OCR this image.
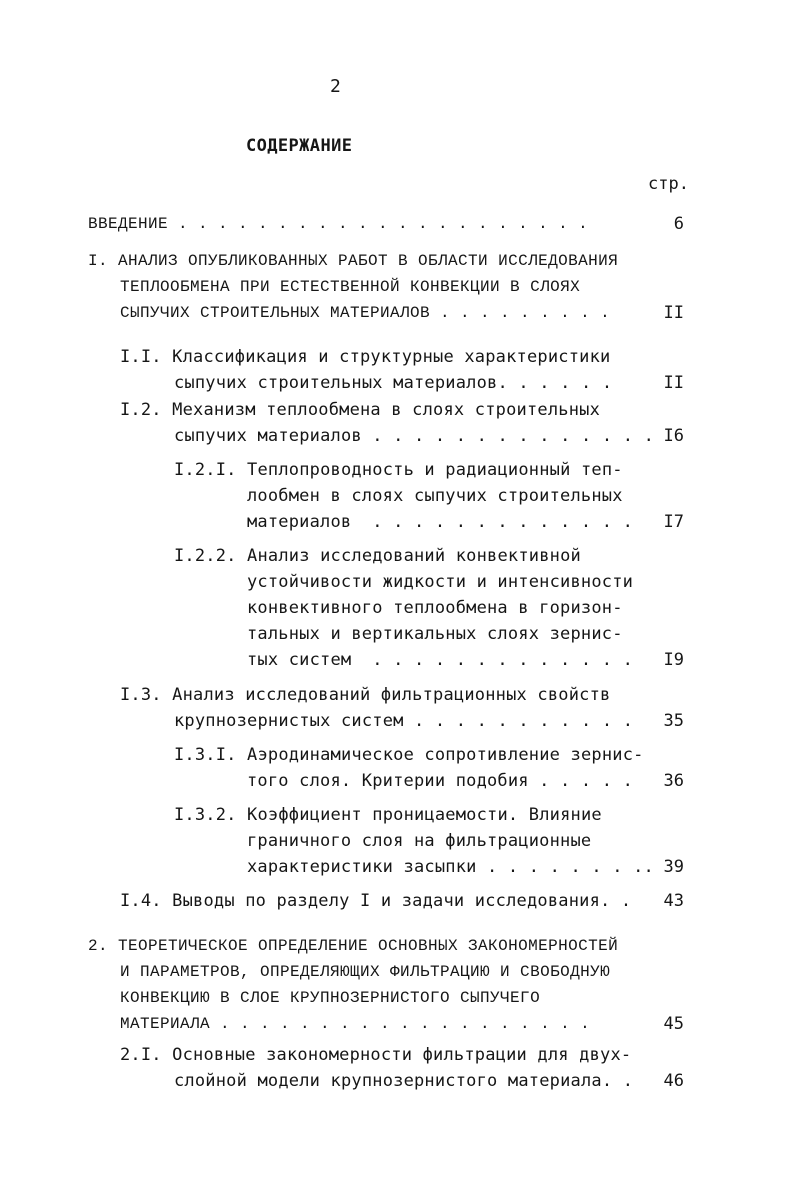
2
СОДЕРЖАНИЕ
стр.
ВВЕДЕНИЕ . . . . . . . . . . . . . . . . . . . . .	6
I. АНАЛИЗ ОПУБЛИКОВАННЫХ РАБОТ В ОБЛАСТИ ИССЛЕДОВАНИЯ
ТЕПЛООБМЕНА ПРИ ЕСТЕСТВЕННОЙ КОНВЕКЦИИ В СЛОЯХ
СЫПУЧИХ СТРОИТЕЛЬНЫХ МАТЕРИАЛОВ . . . . . . . . .	II
I.I. Классификация и структурные характеристики
сыпучих строительных материалов. . . . . .	II
I.2. Механизм теплообмена в слоях строительных
сыпучих материалов . . . . . . . . . . . . . . I6
I.2.I. Теплопроводность и радиационный теп-
лообмен в слоях сыпучих строительных
материалов  . . . . . . . . . . . . . I7
I.2.2. Анализ исследований конвективной
устойчивости жидкости и интенсивности
конвективного теплообмена в горизон-
тальных и вертикальных слоях зернис-
тых систем  . . . . . . . . . . . . . I9
I.3. Анализ исследований фильтрационных свойств
крупнозернистых систем . . . . . . . . . . . 35
I.3.I. Аэродинамическое сопротивление зернис-
того слоя. Критерии подобия . . . . . 36
I.3.2. Коэффициент проницаемости. Влияние
граничного слоя на фильтрационные
характеристики засыпки . . . . . . . .. 39
I.4. Выводы по разделу I и задачи исследования. . 43
2. ТЕОРЕТИЧЕСКОЕ ОПРЕДЕЛЕНИЕ ОСНОВНЫХ ЗАКОНОМЕРНОСТЕЙ
И ПАРАМЕТРОВ, ОПРЕДЕЛЯЮЩИХ ФИЛЬТРАЦИЮ И СВОБОДНУЮ
КОНВЕКЦИЮ В СЛОЕ КРУПНОЗЕРНИСТОГО СЫПУЧЕГО
МАТЕРИАЛА . . . . . . . . . . . . . . . . . . .	45
2.I. Основные закономерности фильтрации для двух-
слойной модели крупнозернистого материала. . 46
